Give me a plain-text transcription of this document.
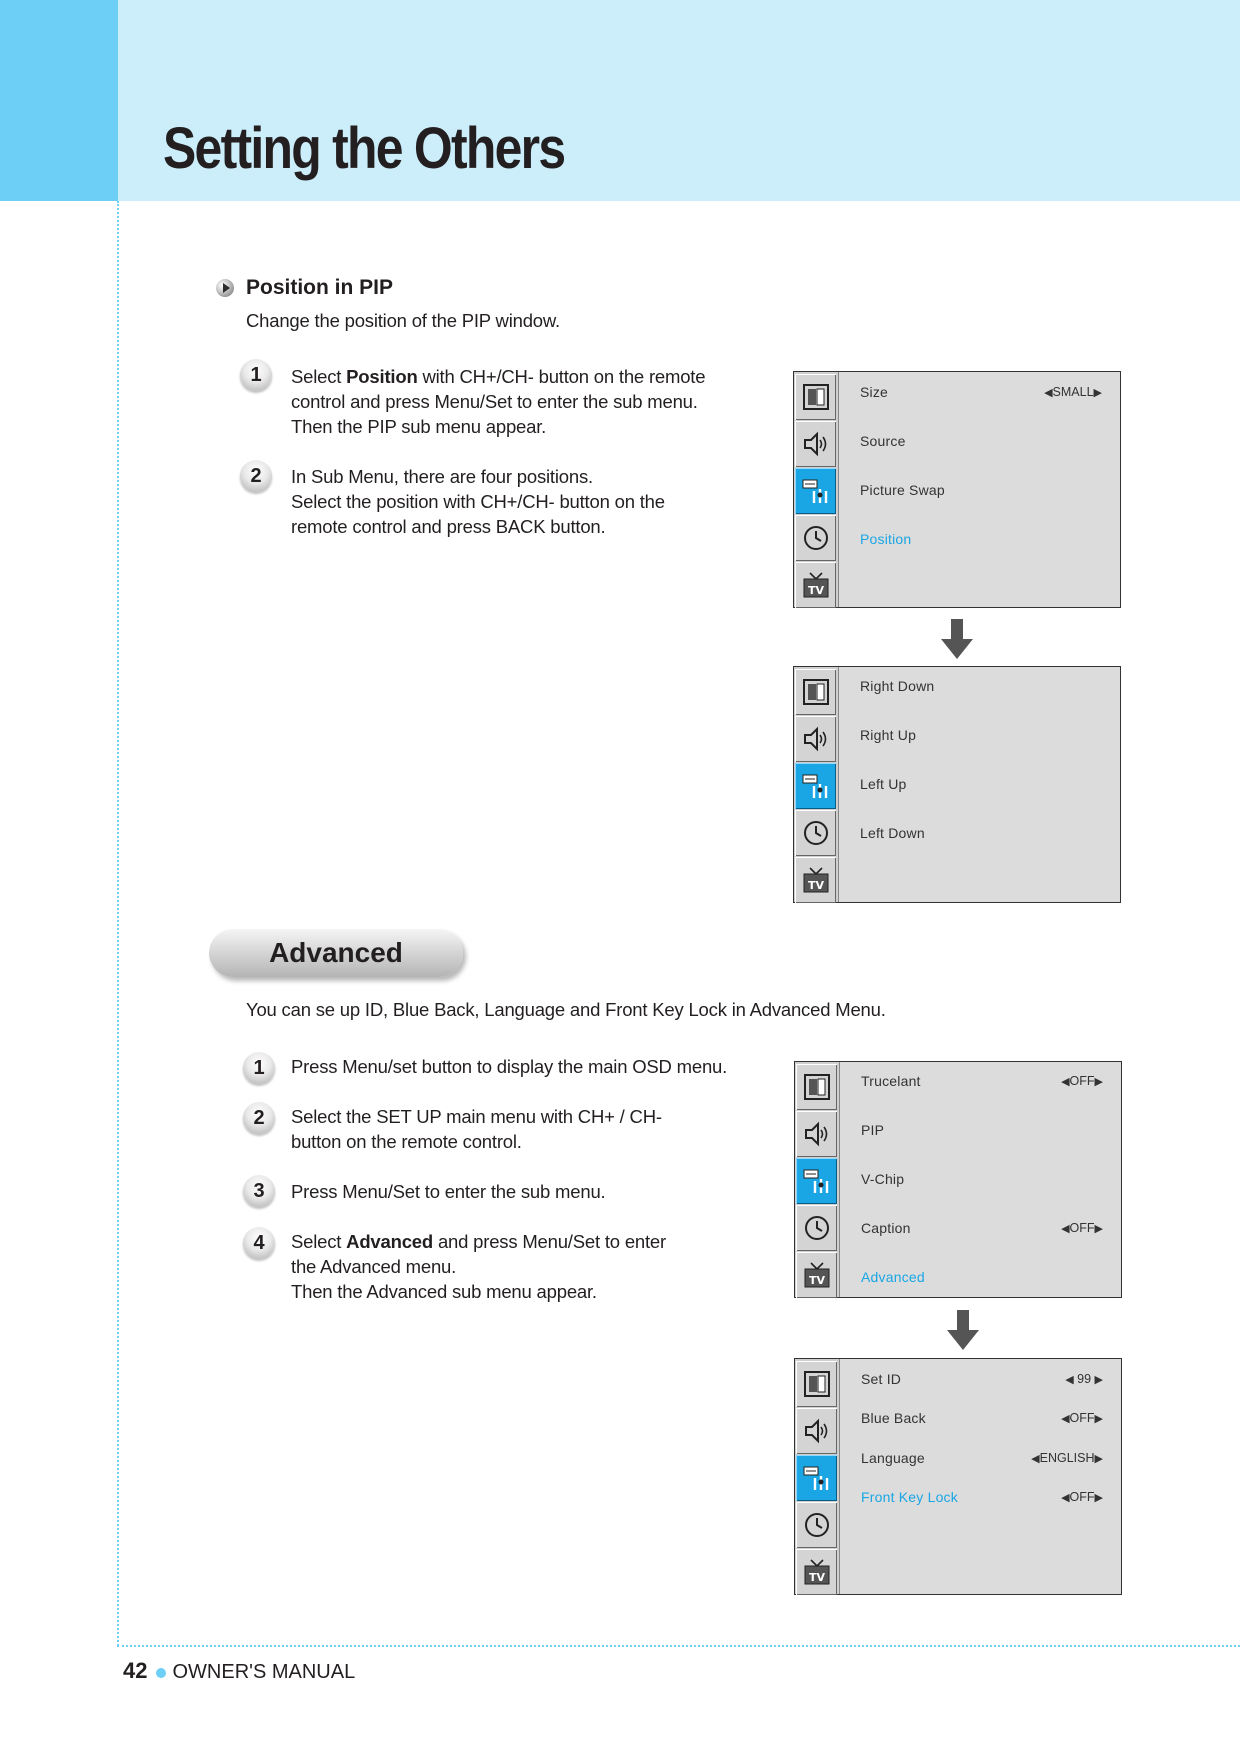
Setting the Others
Position in PIP
Change the position of the PIP window.
1	Select Position with CH+/CH- button on the remote
control and press Menu/Set to enter the sub menu.
Then the PIP sub menu appear.
2	In Sub Menu, there are four positions.
Select the position with CH+/CH- button on the
remote control and press BACK button.
TV
Size	◀SMALL▶
Source
Picture Swap
Position
TV
Right Down
Right Up
Left Up
Left Down
Advanced
You can se up ID, Blue Back, Language and Front Key Lock in Advanced Menu.
1	Press Menu/set button to display the main OSD menu.
2	Select the SET UP main menu with CH+ / CH-
button on the remote control.
3	Press Menu/Set to enter the sub menu.
4	Select Advanced and press Menu/Set to enter
the Advanced menu.
Then the Advanced sub menu appear.
TV
Trucelant	◀OFF▶
PIP
V-Chip
Caption	◀OFF▶
Advanced
TV
Set ID	◀ 99 ▶
Blue Back	◀OFF▶
Language	◀ENGLISH▶
Front Key Lock	◀OFF▶
42 OWNER'S MANUAL
